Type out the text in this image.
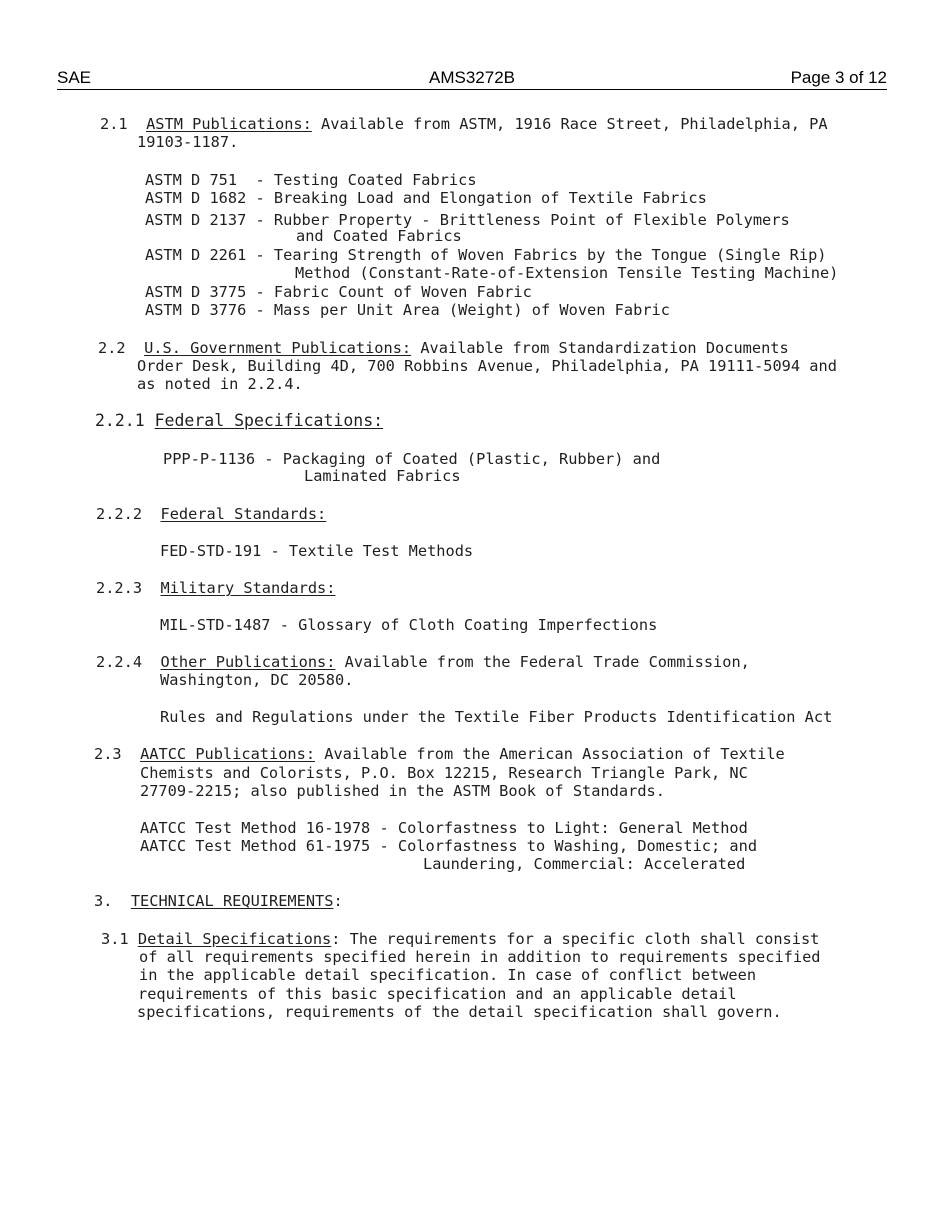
AMS3272B
SAE	Page 3 of 12
2.1 ASTM Publications: Available from ASTM, 1916 Race Street, Philadelphia, PA
19103-1187.
ASTM D 751  - Testing Coated Fabrics
ASTM D 1682 - Breaking Load and Elongation of Textile Fabrics
ASTM D 2137 - Rubber Property - Brittleness Point of Flexible Polymers
and Coated Fabrics
ASTM D 2261 - Tearing Strength of Woven Fabrics by the Tongue (Single Rip)
Method (Constant-Rate-of-Extension Tensile Testing Machine)
ASTM D 3775 - Fabric Count of Woven Fabric
ASTM D 3776 - Mass per Unit Area (Weight) of Woven Fabric
2.2 U.S. Government Publications: Available from Standardization Documents
Order Desk, Building 4D, 700 Robbins Avenue, Philadelphia, PA 19111-5094 and
as noted in 2.2.4.
2.2.1 Federal Specifications:
PPP-P-1136 - Packaging of Coated (Plastic, Rubber) and
Laminated Fabrics
2.2.2 Federal Standards:
FED-STD-191 - Textile Test Methods
2.2.3 Military Standards:
MIL-STD-1487 - Glossary of Cloth Coating Imperfections
2.2.4 Other Publications: Available from the Federal Trade Commission,
Washington, DC 20580.
Rules and Regulations under the Textile Fiber Products Identification Act
2.3 AATCC Publications: Available from the American Association of Textile
Chemists and Colorists, P.O. Box 12215, Research Triangle Park, NC
27709-2215; also published in the ASTM Book of Standards.
AATCC Test Method 16-1978 - Colorfastness to Light: General Method
AATCC Test Method 61-1975 - Colorfastness to Washing, Domestic; and
Laundering, Commercial: Accelerated
3. TECHNICAL REQUIREMENTS:
3.1 Detail Specifications: The requirements for a specific cloth shall consist
of all requirements specified herein in addition to requirements specified
in the applicable detail specification. In case of conflict between
requirements of this basic specification and an applicable detail
specifications, requirements of the detail specification shall govern.
